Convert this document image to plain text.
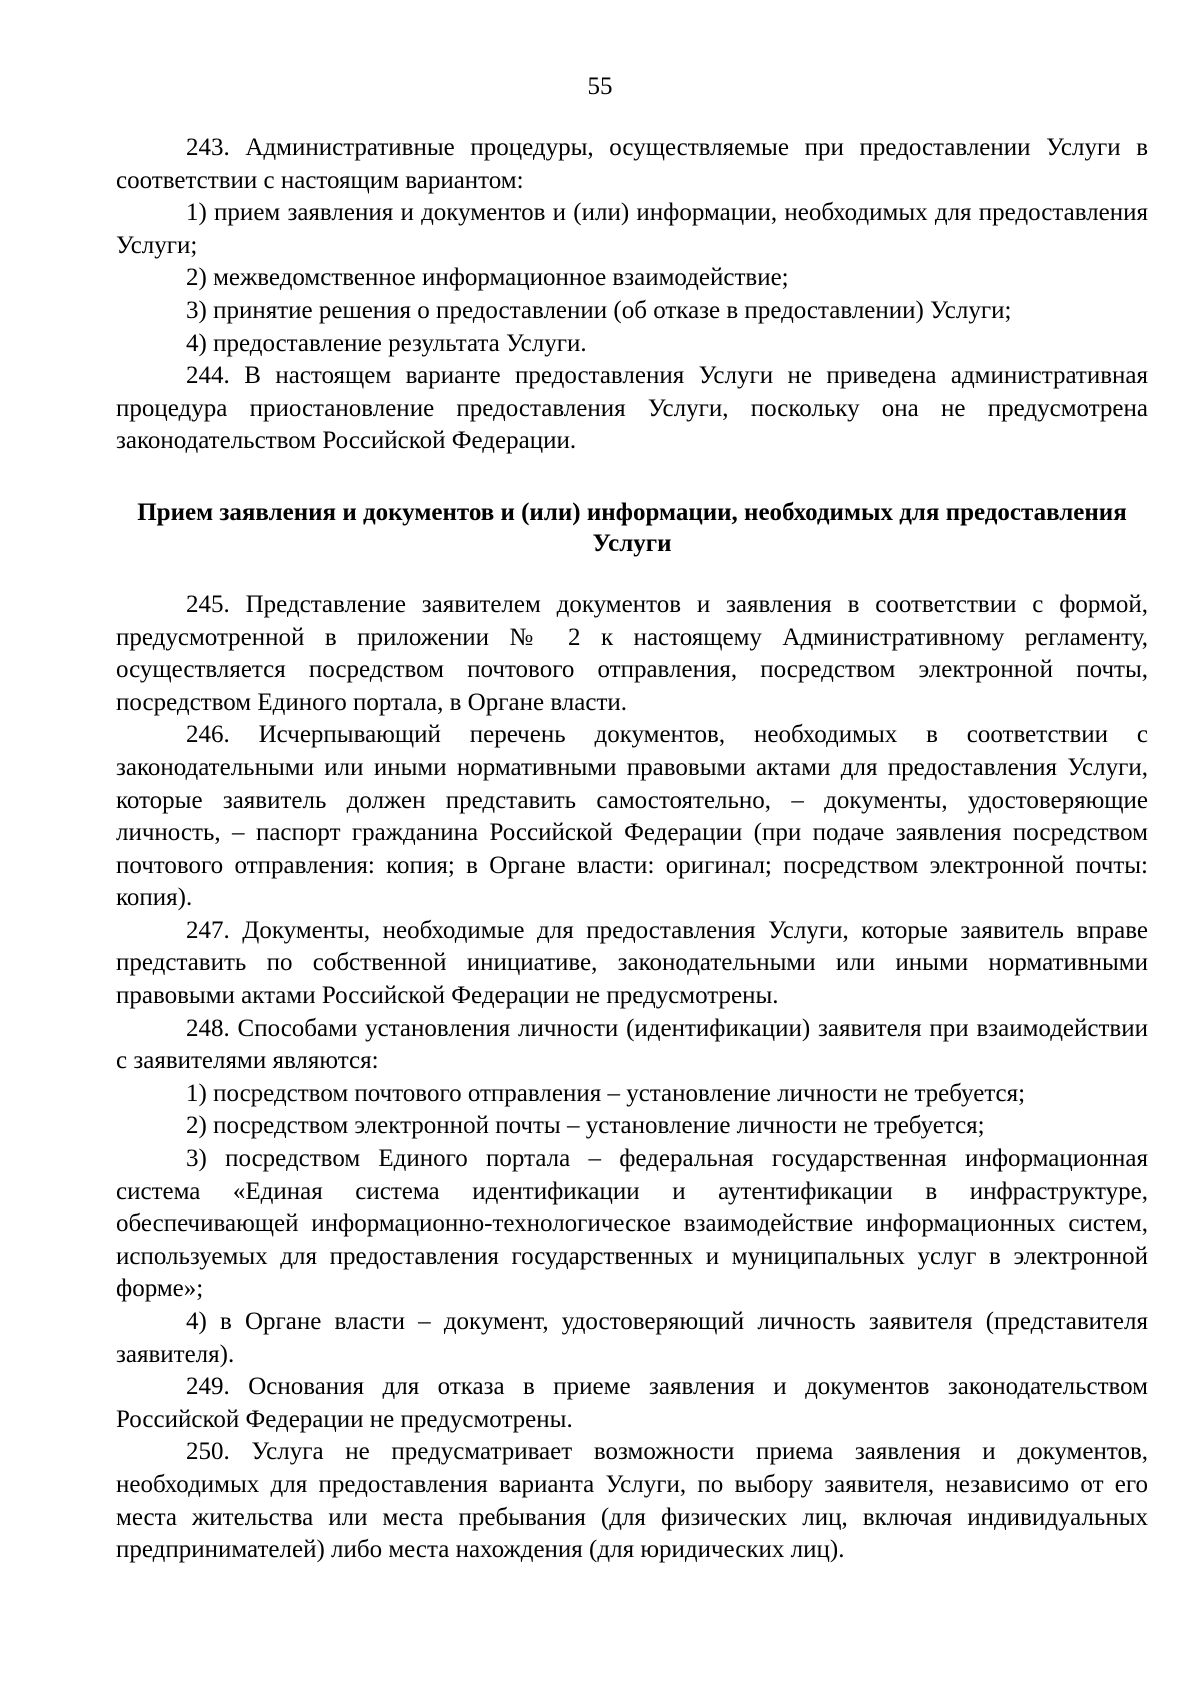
55

243. Административные процедуры, осуществляемые при предоставлении Услуги в соответствии с настоящим вариантом:

1) прием заявления и документов и (или) информации, необходимых для предоставления Услуги;

2) межведомственное информационное взаимодействие;

3) принятие решения о предоставлении (об отказе в предоставлении) Услуги;

4) предоставление результата Услуги.

244. В настоящем варианте предоставления Услуги не приведена административная процедура приостановление предоставления Услуги, поскольку она не предусмотрена законодательством Российской Федерации.

Прием заявления и документов и (или) информации, необходимых для предоставления Услуги

245. Представление заявителем документов и заявления в соответствии с формой, предусмотренной в приложении № 2 к настоящему Административному регламенту, осуществляется посредством почтового отправления, посредством электронной почты, посредством Единого портала, в Органе власти.

246. Исчерпывающий перечень документов, необходимых в соответствии с законодательными или иными нормативными правовыми актами для предоставления Услуги, которые заявитель должен представить самостоятельно, – документы, удостоверяющие личность, – паспорт гражданина Российской Федерации (при подаче заявления посредством почтового отправления: копия; в Органе власти: оригинал; посредством электронной почты: копия).

247. Документы, необходимые для предоставления Услуги, которые заявитель вправе представить по собственной инициативе, законодательными или иными нормативными правовыми актами Российской Федерации не предусмотрены.

248. Способами установления личности (идентификации) заявителя при взаимодействии с заявителями являются:

1) посредством почтового отправления – установление личности не требуется;

2) посредством электронной почты – установление личности не требуется;

3) посредством Единого портала – федеральная государственная информационная система «Единая система идентификации и аутентификации в инфраструктуре, обеспечивающей информационно-технологическое взаимодействие информационных систем, используемых для предоставления государственных и муниципальных услуг в электронной форме»;

4) в Органе власти – документ, удостоверяющий личность заявителя (представителя заявителя).

249. Основания для отказа в приеме заявления и документов законодательством Российской Федерации не предусмотрены.

250. Услуга не предусматривает возможности приема заявления и документов, необходимых для предоставления варианта Услуги, по выбору заявителя, независимо от его места жительства или места пребывания (для физических лиц, включая индивидуальных предпринимателей) либо места нахождения (для юридических лиц).
